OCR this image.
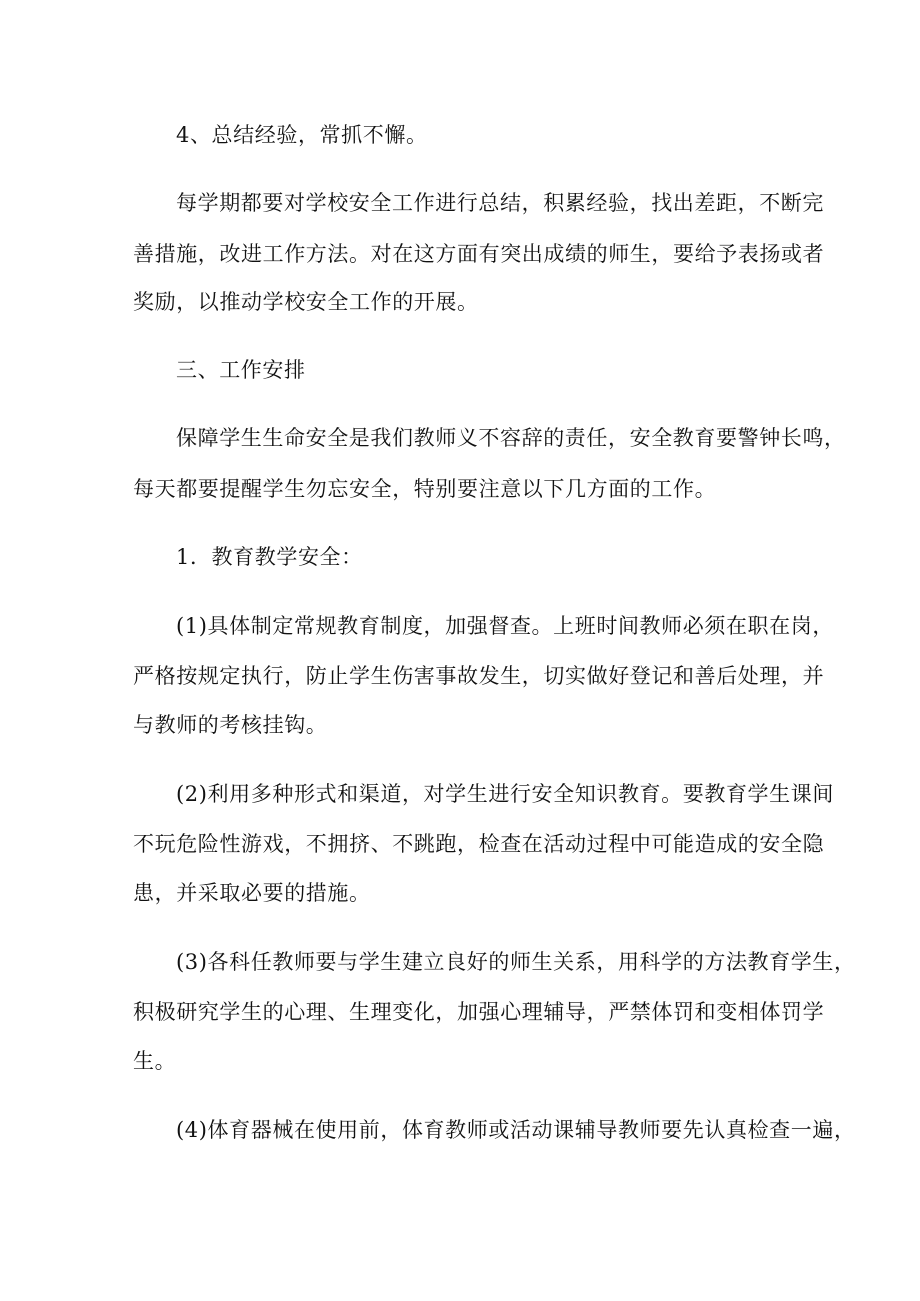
4、总结经验，常抓不懈。

每学期都要对学校安全工作进行总结，积累经验，找出差距，不断完

善措施，改进工作方法。对在这方面有突出成绩的师生，要给予表扬或者

奖励，以推动学校安全工作的开展。

三、工作安排

保障学生生命安全是我们教师义不容辞的责任，安全教育要警钟长鸣，

每天都要提醒学生勿忘安全，特别要注意以下几方面的工作。

1．教育教学安全：

(1)具体制定常规教育制度，加强督查。上班时间教师必须在职在岗，

严格按规定执行，防止学生伤害事故发生，切实做好登记和善后处理，并

与教师的考核挂钩。

(2)利用多种形式和渠道，对学生进行安全知识教育。要教育学生课间

不玩危险性游戏，不拥挤、不跳跑，检查在活动过程中可能造成的安全隐

患，并采取必要的措施。

(3)各科任教师要与学生建立良好的师生关系，用科学的方法教育学生，

积极研究学生的心理、生理变化，加强心理辅导，严禁体罚和变相体罚学

生。

(4)体育器械在使用前，体育教师或活动课辅导教师要先认真检查一遍，
